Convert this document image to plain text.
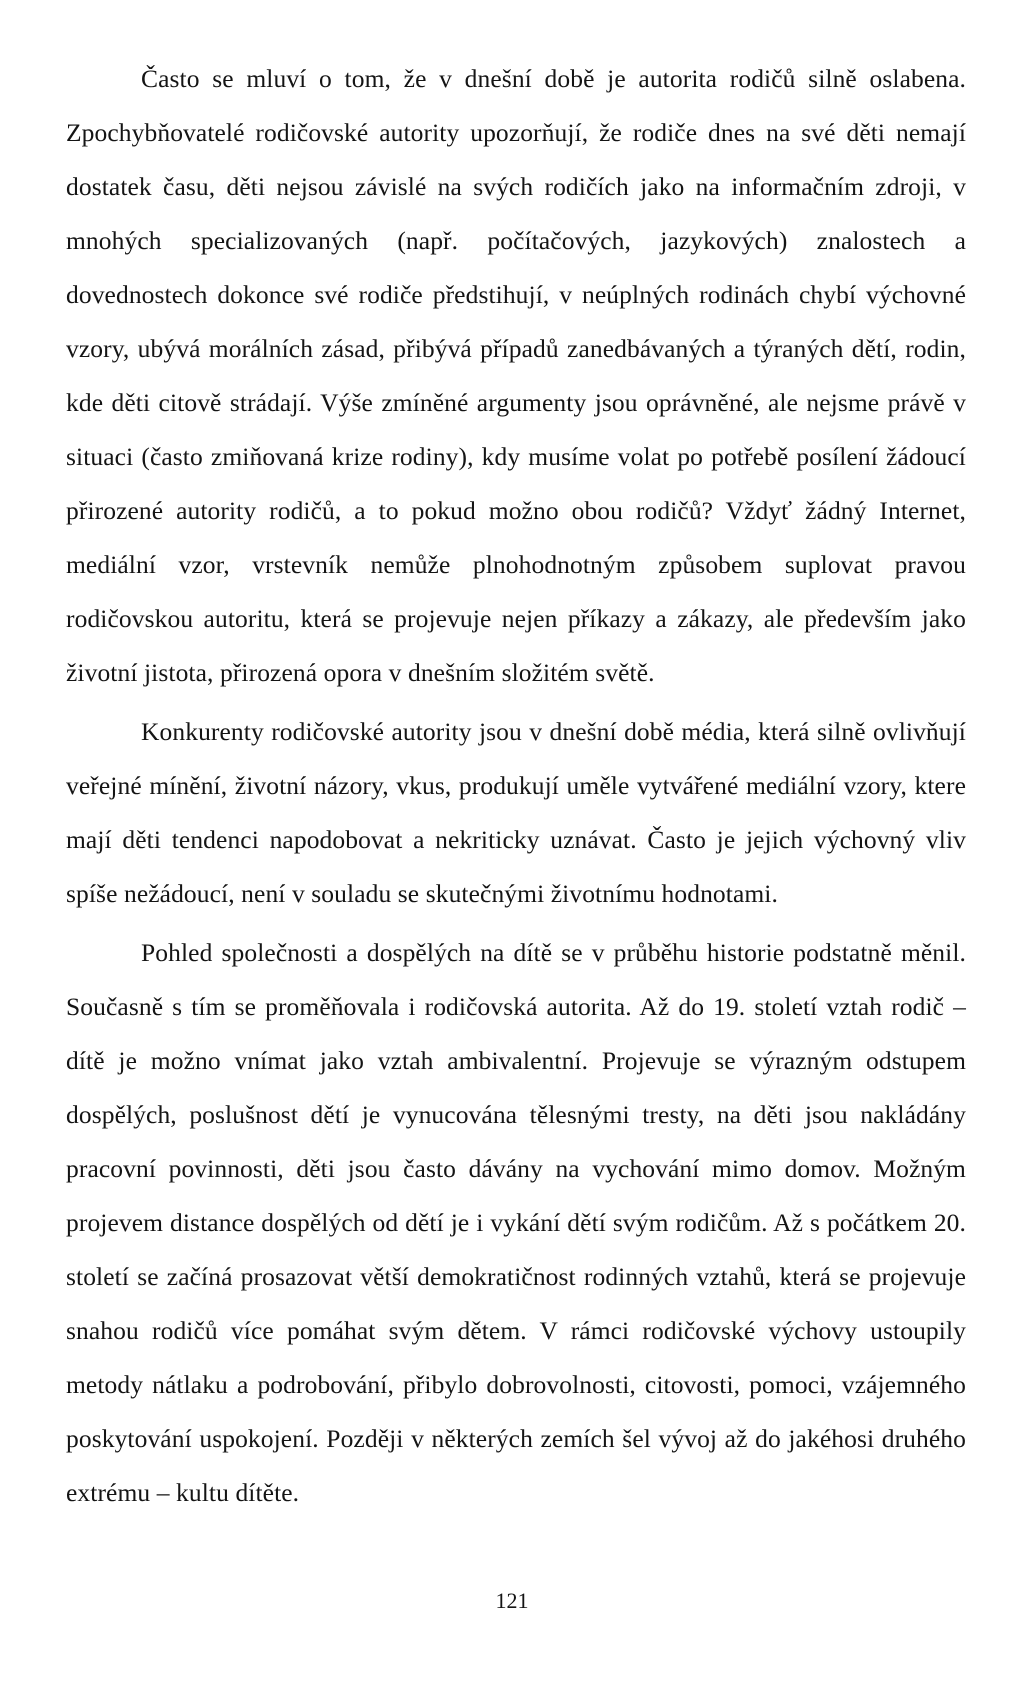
Často se mluví o tom, že v dnešní době je autorita rodičů silně oslabena. Zpochybňovatelé rodičovské autority upozorňují, že rodiče dnes na své děti nemají dostatek času, děti nejsou závislé na svých rodičích jako na informačním zdroji, v mnohých specializovaných (např. počítačových, jazykových) znalostech a dovednostech dokonce své rodiče předstihují, v neúplných rodinách chybí výchovné vzory, ubývá morálních zásad, přibývá případů zanedbávaných a týraných dětí, rodin, kde děti citově strádají. Výše zmíněné argumenty jsou oprávněné, ale nejsme právě v situaci (často zmiňovaná krize rodiny), kdy musíme volat po potřebě posílení žádoucí přirozené autority rodičů, a to pokud možno obou rodičů? Vždyť žádný Internet, mediální vzor, vrstevník nemůže plnohodnotným způsobem suplovat pravou rodičovskou autoritu, která se projevuje nejen příkazy a zákazy, ale především jako životní jistota, přirozená opora v dnešním složitém světě.

Konkurenty rodičovské autority jsou v dnešní době média, která silně ovlivňují veřejné mínění, životní názory, vkus, produkují uměle vytvářené mediální vzory, ktere mají děti tendenci napodobovat a nekriticky uznávat. Často je jejich výchovný vliv spíše nežádoucí, není v souladu se skutečnými životnímu hodnotami.

Pohled společnosti a dospělých na dítě se v průběhu historie podstatně měnil. Současně s tím se proměňovala i rodičovská autorita. Až do 19. století vztah rodič – dítě je možno vnímat jako vztah ambivalentní. Projevuje se výrazným odstupem dospělých, poslušnost dětí je vynucována tělesnými tresty, na děti jsou nakládány pracovní povinnosti, děti jsou často dávány na vychování mimo domov. Možným projevem distance dospělých od dětí je i vykání dětí svým rodičům. Až s počátkem 20. století se začíná prosazovat větší demokratičnost rodinných vztahů, která se projevuje snahou rodičů více pomáhat svým dětem. V rámci rodičovské výchovy ustoupily metody nátlaku a podrobování, přibylo dobrovolnosti, citovosti, pomoci, vzájemného poskytování uspokojení. Později v některých zemích šel vývoj až do jakéhosi druhého extrému – kultu dítěte.

121
